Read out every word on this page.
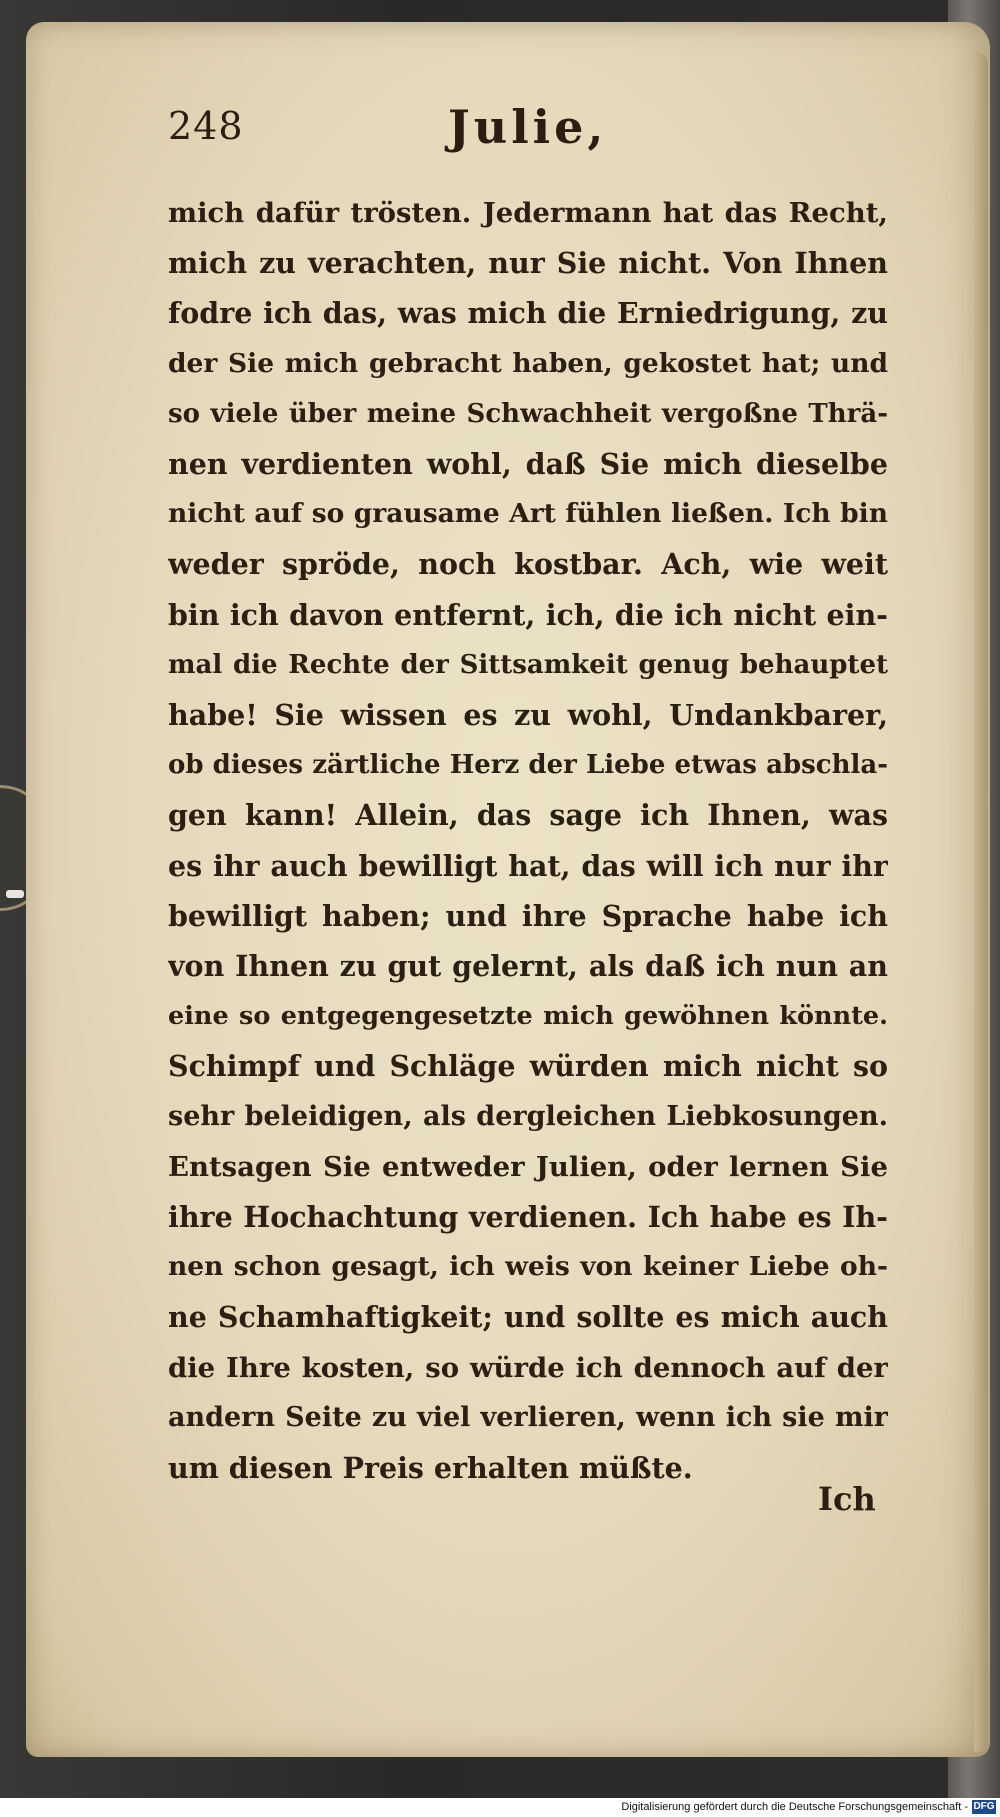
248	Julie,
mich dafür trösten. Jedermann hat das Recht,
mich zu verachten, nur Sie nicht. Von Ihnen
fodre ich das, was mich die Erniedrigung, zu
der Sie mich gebracht haben, gekostet hat; und
so viele über meine Schwachheit vergoßne Thrä-
nen verdienten wohl, daß Sie mich dieselbe
nicht auf so grausame Art fühlen ließen. Ich bin
weder spröde, noch kostbar. Ach, wie weit
bin ich davon entfernt, ich, die ich nicht ein-
mal die Rechte der Sittsamkeit genug behauptet
habe! Sie wissen es zu wohl, Undankbarer,
ob dieses zärtliche Herz der Liebe etwas abschla-
gen kann! Allein, das sage ich Ihnen, was
es ihr auch bewilligt hat, das will ich nur ihr
bewilligt haben; und ihre Sprache habe ich
von Ihnen zu gut gelernt, als daß ich nun an
eine so entgegengesetzte mich gewöhnen könnte.
Schimpf und Schläge würden mich nicht so
sehr beleidigen, als dergleichen Liebkosungen.
Entsagen Sie entweder Julien, oder lernen Sie
ihre Hochachtung verdienen. Ich habe es Ih-
nen schon gesagt, ich weis von keiner Liebe oh-
ne Schamhaftigkeit; und sollte es mich auch
die Ihre kosten, so würde ich dennoch auf der
andern Seite zu viel verlieren, wenn ich sie mir
um diesen Preis erhalten müßte.
Ich
Digitalisierung gefördert durch die Deutsche Forschungsgemeinschaft - DFG
